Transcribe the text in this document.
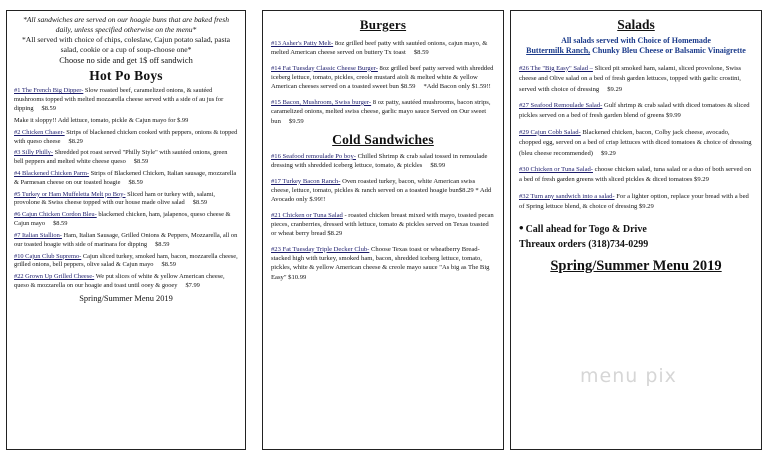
*All sandwiches are served on our hoagie buns that are baked fresh daily, unless specified otherwise on the menu*

*All served with choice of chips, coleslaw, Cajun potato salad, pasta salad, cookie or a cup of soup-choose one*

Choose no side and get 1$ off sandwich

Hot Po Boys

#1 The French Big Dipper- Slow roasted beef, caramelized onions, & sautéed mushrooms topped with melted mozzarella cheese served with a side of au jus for dipping $8.59

Make it sloppy!! Add lettuce, tomato, pickle & Cajun mayo for $.99

#2 Chicken Chaser- Strips of blackened chicken cooked with peppers, onions & topped with queso cheese $8.29

#3 Silly Philly- Shredded pot roast served "Philly Style" with sautéed onions, green bell peppers and melted white cheese queso $8.59

#4 Blackened Chicken Parm- Strips of Blackened Chicken, Italian sausage, mozzarella & Parmesan cheese on our toasted hoagie $8.59

#5 Turkey or Ham Muffeletta Melt po Boy- Sliced ham or turkey with, salami, provolone & Swiss cheese topped with our house made olive salad $8.59

#6 Cajun Chicken Cordon Bleu- blackened chicken, ham, jalapenos, queso cheese & Cajun mayo $8.59

#7 Italian Stallion- Ham, Italian Sausage, Grilled Onions & Peppers, Mozzarella, all on our toasted hoagie with side of marinara for dipping $8.59

#10 Cajun Club Supremo- Cajun sliced turkey, smoked ham, bacon, mozzarella cheese, grilled onions, bell peppers, olive salad & Cajun mayo $8.59

#22 Grown Up Grilled Cheese- We put slices of white & yellow American cheese, queso & mozzarella on our hoagie and toast until ooey & gooey $7.99

Spring/Summer Menu 2019

Burgers

#13 Asher's Patty Melt- 8oz grilled beef patty with sautéed onions, cajun mayo, & melted American cheese served on buttery Tx toast $8.59

#14 Fat Tuesday Classic Cheese Burger- 8oz grilled beef patty served with shredded iceberg lettuce, tomato, pickles, creole mustard aioli & melted white & yellow American cheeses served on a toasted sweet bun $8.59 *Add Bacon only $1.59!!

#15 Bacon, Mushroom, Swiss burger- 8 oz patty, sautéed mushrooms, bacon strips, caramelized onions, melted swiss cheese, garlic mayo sauce Served on Our sweet bun $9.59

Cold Sandwiches

#16 Seafood remoulade Po boy- Chilled Shrimp & crab salad tossed in remoulade dressing with shredded iceberg lettuce, tomato, & pickles $8.99

#17 Turkey Bacon Ranch- Oven roasted turkey, bacon, white American swiss cheese, lettuce, tomato, pickles & ranch served on a toasted hoagie bun$8.29 * Add Avocado only $.99!!

#21 Chicken or Tuna Salad - roasted chicken breast mixed with mayo, toasted pecan pieces, cranberries, dressed with lettuce, tomato & pickles served on Texas toasted or wheat berry bread $8.29

#23 Fat Tuesday Triple Decker Club- Choose Texas toast or wheatberry Bread-stacked high with turkey, smoked ham, bacon, shredded iceberg lettuce, tomato, pickles, white & yellow American cheese & creole mayo sauce "As big as The Big Easy" $10.99

Salads
All salads served with Choice of Homemade
Buttermilk Ranch, Chunky Bleu Cheese or Balsamic Vinaigrette

#26 The "Big Easy" Salad – Sliced pit smoked ham, salami, sliced provolone, Swiss cheese and Olive salad on a bed of fresh garden lettuces, topped with garlic crostini, served with choice of dressing $9.29

#27 Seafood Remoulade Salad- Gulf shrimp & crab salad with diced tomatoes & sliced pickles served on a bed of fresh garden blend of greens $9.99

#29 Cajun Cobb Salad- Blackened chicken, bacon, Colby jack cheese, avocado, chopped egg, served on a bed of crisp lettuces with diced tomatoes & choice of dressing (bleu cheese recommended) $9.29

#30 Chicken or Tuna Salad- choose chicken salad, tuna salad or a duo of both served on a bed of fresh garden greens with sliced pickles & diced tomatoes $9.29

#32 Turn any sandwich into a salad- For a lighter option, replace your bread with a bed of Spring lettuce blend, & choice of dressing $9.29

• Call ahead for Togo & Drive
Threaux orders (318)734-0299
Spring/Summer Menu 2019
menu pix
